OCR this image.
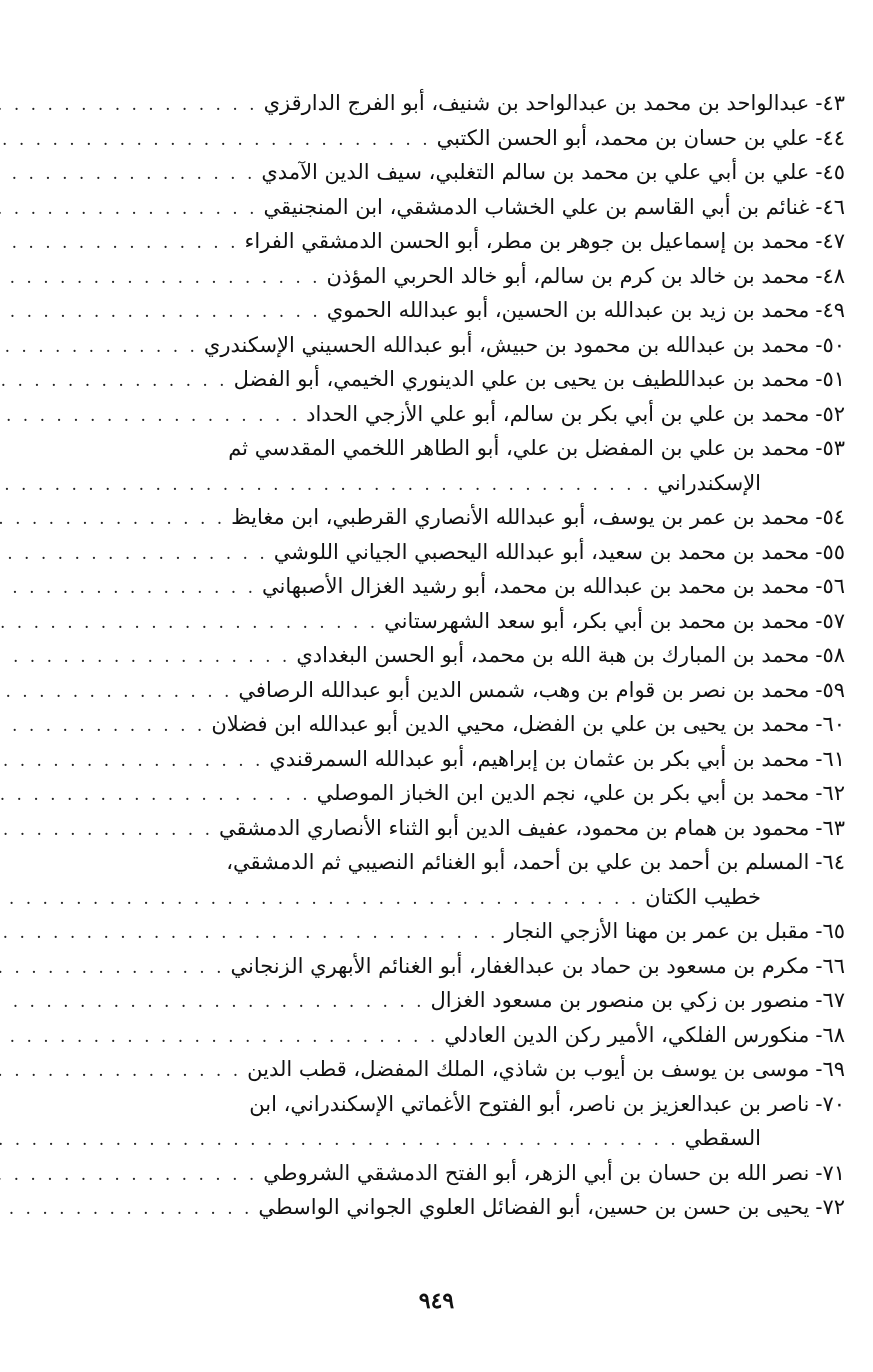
٤٣-
عبدالواحد بن محمد بن عبدالواحد بن شنيف، أبو الفرج الدارقزي
. . .
٤٤-
علي بن حسان بن محمد، أبو الحسن الكتبي
. . .
٤٥-
علي بن أبي علي بن محمد بن سالم التغلبي، سيف الدين الآمدي
. . .
٤٦-
غنائم بن أبي القاسم بن علي الخشاب الدمشقي، ابن المنجنيقي
. . .
٤٧-
محمد بن إسماعيل بن جوهر بن مطر، أبو الحسن الدمشقي الفراء
. . .
٤٨-
محمد بن خالد بن كرم بن سالم، أبو خالد الحربي المؤذن
. . .
٤٩-
محمد بن زيد بن عبدالله بن الحسين، أبو عبدالله الحموي
. . .
٥٠-
محمد بن عبدالله بن محمود بن حبيش، أبو عبدالله الحسيني الإسكندري
. . .
٥١-
محمد بن عبداللطيف بن يحيى بن علي الدينوري الخيمي، أبو الفضل
. . .
٥٢-
محمد بن علي بن أبي بكر بن سالم، أبو علي الأزجي الحداد
. . .
٥٣-
محمد بن علي بن المفضل بن علي، أبو الطاهر اللخمي المقدسي ثم
الإسكندراني
. . .
٥٤-
محمد بن عمر بن يوسف، أبو عبدالله الأنصاري القرطبي، ابن مغايظ
. . .
٥٥-
محمد بن محمد بن سعيد، أبو عبدالله اليحصبي الجياني اللوشي
. . .
٥٦-
محمد بن محمد بن عبدالله بن محمد، أبو رشيد الغزال الأصبهاني
. . .
٥٧-
محمد بن محمد بن أبي بكر، أبو سعد الشهرستاني
. . .
٥٨-
محمد بن المبارك بن هبة الله بن محمد، أبو الحسن البغدادي
. . .
٥٩-
محمد بن نصر بن قوام بن وهب، شمس الدين أبو عبدالله الرصافي
. . .
٦٠-
محمد بن يحيى بن علي بن الفضل، محيي الدين أبو عبدالله ابن فضلان
. . .
٦١-
محمد بن أبي بكر بن عثمان بن إبراهيم، أبو عبدالله السمرقندي
. . .
٦٢-
محمد بن أبي بكر بن علي، نجم الدين ابن الخباز الموصلي
. . .
٦٣-
محمود بن همام بن محمود، عفيف الدين أبو الثناء الأنصاري الدمشقي
. . .
٦٤-
المسلم بن أحمد بن علي بن أحمد، أبو الغنائم النصيبي ثم الدمشقي،
خطيب الكتان
. . .
٦٥-
مقبل بن عمر بن مهنا الأزجي النجار
. . .
٦٦-
مكرم بن مسعود بن حماد بن عبدالغفار، أبو الغنائم الأبهري الزنجاني
. . .
٦٧-
منصور بن زكي بن منصور بن مسعود الغزال
. . .
٦٨-
منكورس الفلكي، الأمير ركن الدين العادلي
. . .
٦٩-
موسى بن يوسف بن أيوب بن شاذي، الملك المفضل، قطب الدين
. . .
٧٠-
ناصر بن عبدالعزيز بن ناصر، أبو الفتوح الأغماتي الإسكندراني، ابن
السقطي
. . .
٧١-
نصر الله بن حسان بن أبي الزهر، أبو الفتح الدمشقي الشروطي
. . .
٧٢-
يحيى بن حسن بن حسين، أبو الفضائل العلوي الجواني الواسطي
. . .
٩٤٩
